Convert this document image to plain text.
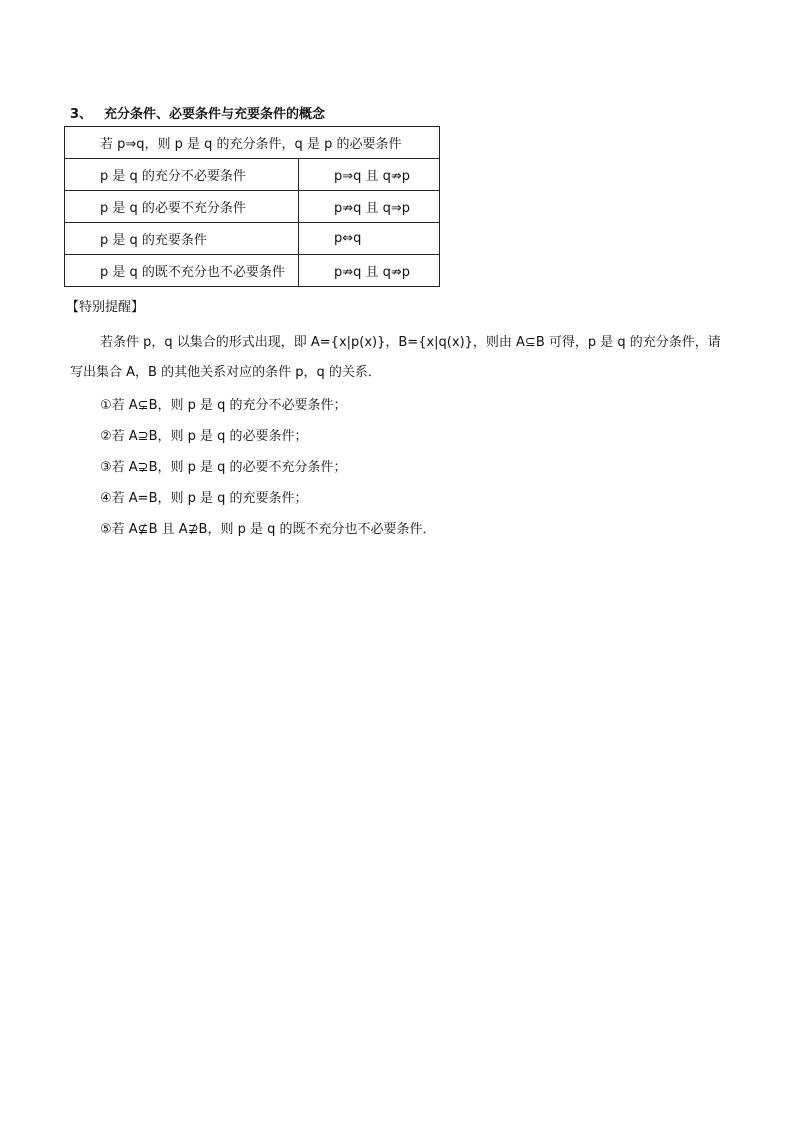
3、 充分条件、必要条件与充要条件的概念
若 p⇒q，则 p 是 q 的充分条件，q 是 p 的必要条件	
p 是 q 的充分不必要条件	p⇒q 且 q⇏p
p 是 q 的必要不充分条件	p⇏q 且 q⇒p
p 是 q 的充要条件	p⇔q
p 是 q 的既不充分也不必要条件	p⇏q 且 q⇏p
【特别提醒】
若条件 p，q 以集合的形式出现，即 A={x|p(x)}，B={x|q(x)}，则由 A⊆B 可得，p 是 q 的充分条件，请写出集合 A，B 的其他关系对应的条件 p，q 的关系．
①若 A⊊B，则 p 是 q 的充分不必要条件；
②若 A⊇B，则 p 是 q 的必要条件；
③若 A⊋B，则 p 是 q 的必要不充分条件；
④若 A=B，则 p 是 q 的充要条件；
⑤若 A⊈B 且 A⊉B，则 p 是 q 的既不充分也不必要条件．
